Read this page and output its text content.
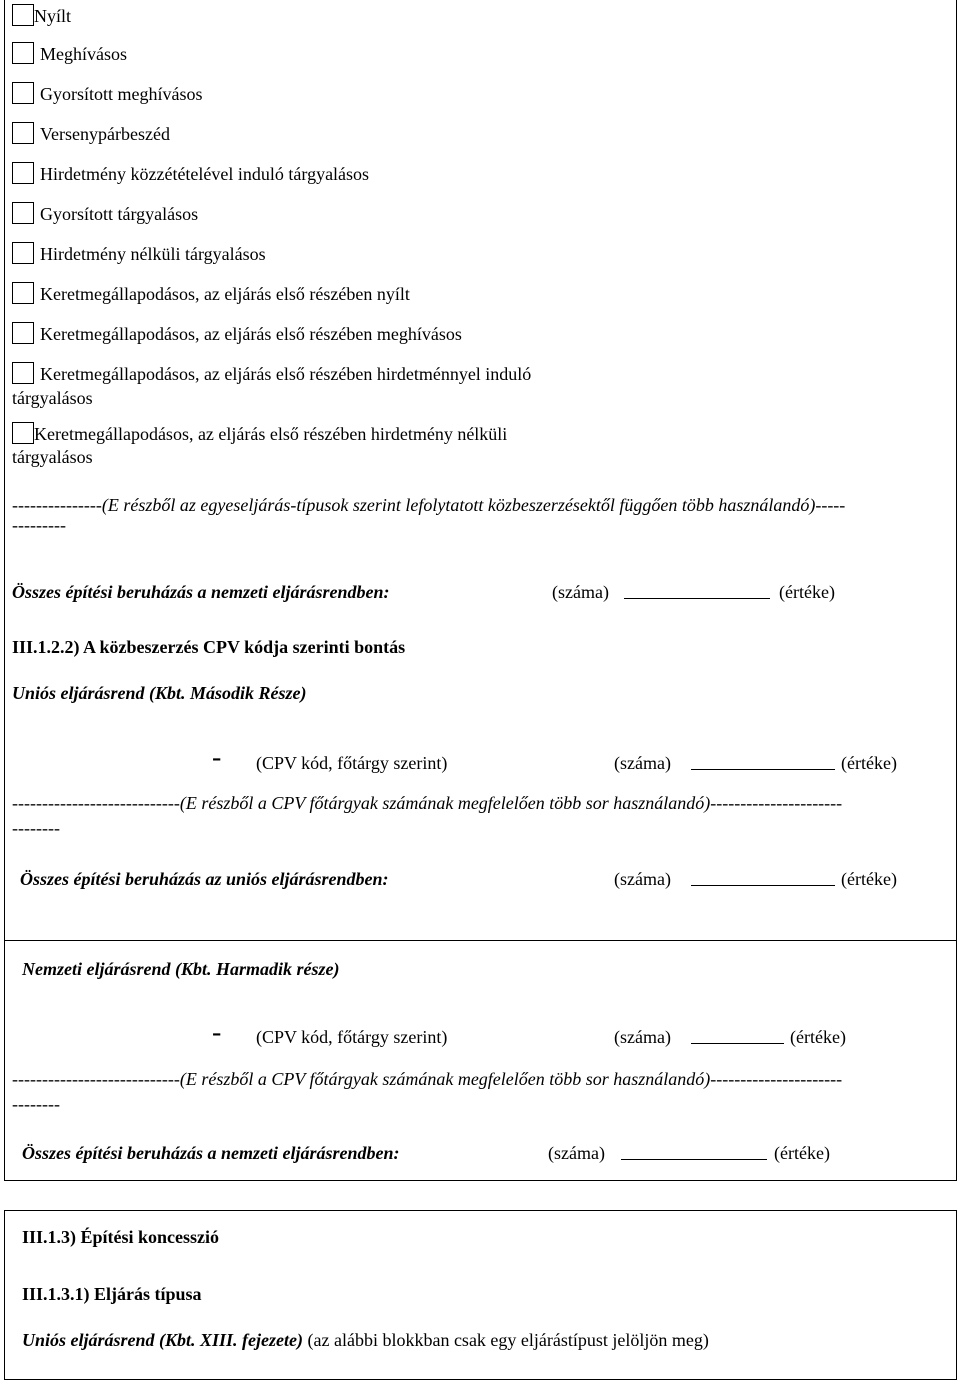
Nyílt
Meghívásos
Gyorsított meghívásos
Versenypárbeszéd
Hirdetmény közzétételével induló tárgyalásos
Gyorsított tárgyalásos
Hirdetmény nélküli tárgyalásos
Keretmegállapodásos, az eljárás első részében nyílt
Keretmegállapodásos, az eljárás első részében meghívásos
Keretmegállapodásos, az eljárás első részében hirdetménnyel induló
tárgyalásos
Keretmegállapodásos, az eljárás első részében hirdetmény nélküli
tárgyalásos
---------------(E részből az egyeseljárás-típusok szerint lefolytatott közbeszerzésektől függően több használandó)-----
---------
Összes építési beruházás a nemzeti eljárásrendben:	(száma)	(értéke)
III.1.2.2) A közbeszerzés CPV kódja szerinti bontás
Uniós eljárásrend (Kbt. Második Része)
- (CPV kód, főtárgy szerint)	(száma)	(értéke)
----------------------------(E részből a CPV főtárgyak számának megfelelően több sor használandó)----------------------
--------
Összes építési beruházás az uniós eljárásrendben:	(száma)	(értéke)
Nemzeti eljárásrend (Kbt. Harmadik része)
- (CPV kód, főtárgy szerint)	(száma)	(értéke)
----------------------------(E részből a CPV főtárgyak számának megfelelően több sor használandó)----------------------
--------
Összes építési beruházás a nemzeti eljárásrendben:	(száma)	(értéke)
III.1.3) Építési koncesszió
III.1.3.1) Eljárás típusa
Uniós eljárásrend (Kbt. XIII. fejezete) (az alábbi blokkban csak egy eljárástípust jelöljön meg)
